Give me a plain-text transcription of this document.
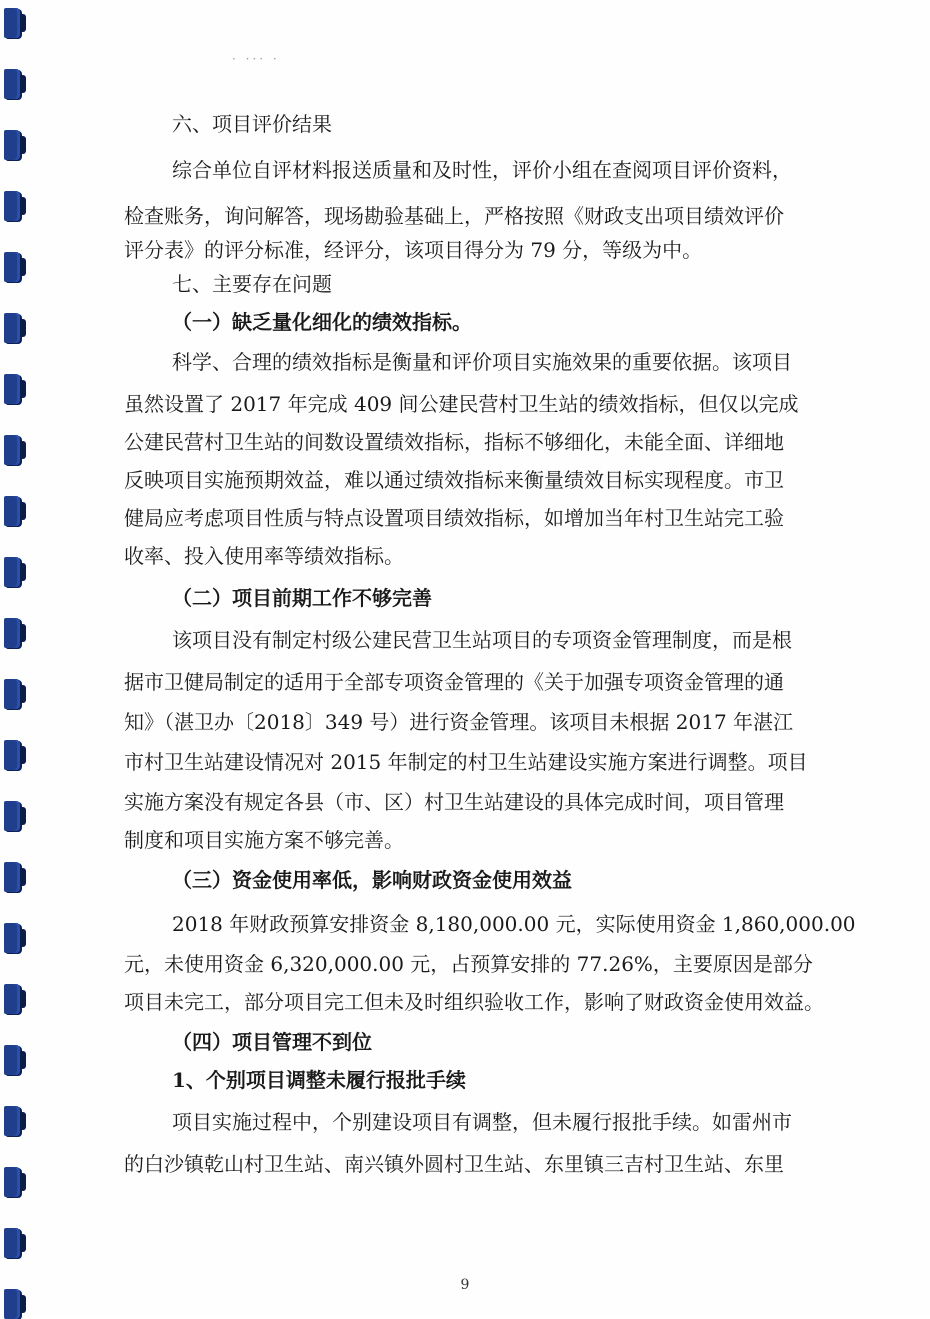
· ··· ·
六、项目评价结果
综合单位自评材料报送质量和及时性，评价小组在查阅项目评价资料，
检查账务，询问解答，现场勘验基础上，严格按照《财政支出项目绩效评价
评分表》的评分标准，经评分，该项目得分为 79 分，等级为中。
七、主要存在问题
（一）缺乏量化细化的绩效指标。
科学、合理的绩效指标是衡量和评价项目实施效果的重要依据。该项目
虽然设置了 2017 年完成 409 间公建民营村卫生站的绩效指标，但仅以完成
公建民营村卫生站的间数设置绩效指标，指标不够细化，未能全面、详细地
反映项目实施预期效益，难以通过绩效指标来衡量绩效目标实现程度。市卫
健局应考虑项目性质与特点设置项目绩效指标，如增加当年村卫生站完工验
收率、投入使用率等绩效指标。
（二）项目前期工作不够完善
该项目没有制定村级公建民营卫生站项目的专项资金管理制度，而是根
据市卫健局制定的适用于全部专项资金管理的《关于加强专项资金管理的通
知》（湛卫办〔2018〕349 号）进行资金管理。该项目未根据 2017 年湛江
市村卫生站建设情况对 2015 年制定的村卫生站建设实施方案进行调整。项目
实施方案没有规定各县（市、区）村卫生站建设的具体完成时间，项目管理
制度和项目实施方案不够完善。
（三）资金使用率低，影响财政资金使用效益
2018 年财政预算安排资金 8,180,000.00 元，实际使用资金 1,860,000.00
元，未使用资金 6,320,000.00 元，占预算安排的 77.26%，主要原因是部分
项目未完工，部分项目完工但未及时组织验收工作，影响了财政资金使用效益。
（四）项目管理不到位
1、个别项目调整未履行报批手续
项目实施过程中，个别建设项目有调整，但未履行报批手续。如雷州市
的白沙镇乾山村卫生站、南兴镇外圆村卫生站、东里镇三吉村卫生站、东里
9
